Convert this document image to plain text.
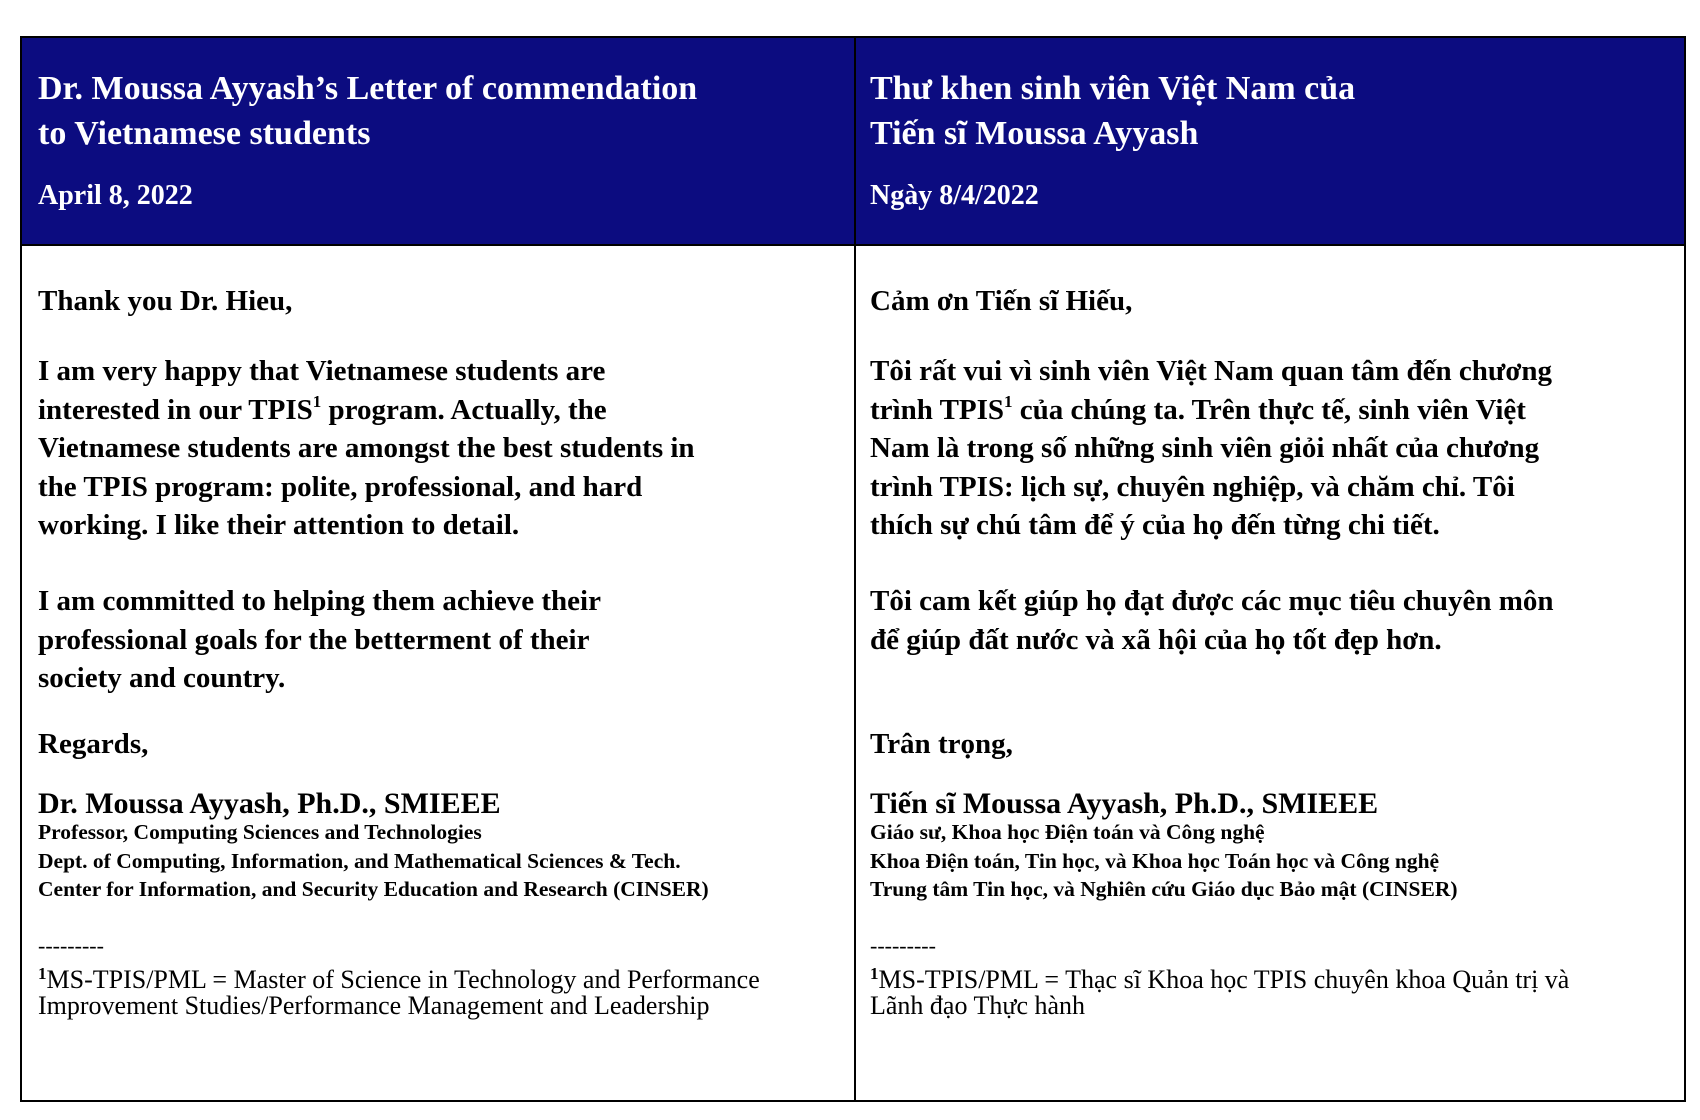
Dr. Moussa Ayyash’s Letter of commendation
to Vietnamese students
April 8, 2022
Thư khen sinh viên Việt Nam của
Tiến sĩ Moussa Ayyash
Ngày 8/4/2022

Thank you Dr. Hieu,

I am very happy that Vietnamese students are

interested in our TPIS$^1$ program. Actually, the

Vietnamese students are amongst the best students in
the TPIS program: polite, professional, and hard
working. I like their attention to detail.

I am committed to helping them achieve their
professional goals for the betterment of their
society and country.

Regards,

Dr. Moussa Ayyash, Ph.D., SMIEEE

Professor, Computing Sciences and Technologies

Dept. of Computing, Information, and Mathematical Sciences & Tech.

Center for Information, and Security Education and Research (CINSER)

---------

$^1$MS-TPIS/PML = Master of Science in Technology and Performance

Improvement Studies/Performance Management and Leadership

Cảm ơn Tiến sĩ Hiếu,

Tôi rất vui vì sinh viên Việt Nam quan tâm đến chương

trình TPIS$^1$ của chúng ta. Trên thực tế, sinh viên Việt

Nam là trong số những sinh viên giỏi nhất của chương
trình TPIS: lịch sự, chuyên nghiệp, và chăm chỉ. Tôi
thích sự chú tâm để ý của họ đến từng chi tiết.

Tôi cam kết giúp họ đạt được các mục tiêu chuyên môn
để giúp đất nước và xã hội của họ tốt đẹp hơn.

Trân trọng,

Tiến sĩ Moussa Ayyash, Ph.D., SMIEEE

Giáo sư, Khoa học Điện toán và Công nghệ

Khoa Điện toán, Tin học, và Khoa học Toán học và Công nghệ

Trung tâm Tin học, và Nghiên cứu Giáo dục Bảo mật (CINSER)

---------

$^1$MS-TPIS/PML = Thạc sĩ Khoa học TPIS chuyên khoa Quản trị và

Lãnh đạo Thực hành
